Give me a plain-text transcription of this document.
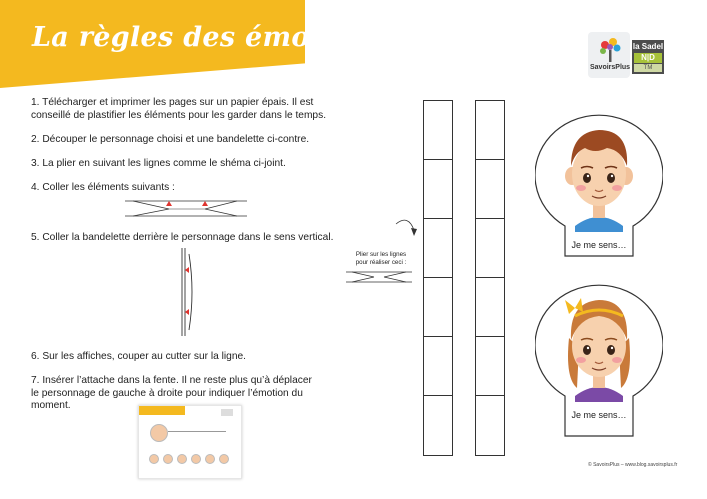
La règles des émotions
SavoirsPlus
la Sadel
N|D
TM
1. Télécharger et imprimer les pages sur un papier épais. Il est
conseillé de plastifier les éléments pour les garder dans le temps.
2. Découper le personnage choisi et une bandelette ci-contre.
3. La plier en suivant les lignes comme le shéma ci-joint.
4. Coller les éléments suivants :
5. Coller la bandelette derrière le personnage dans le sens vertical.
6. Sur les affiches, couper au cutter sur la ligne.
7. Insérer l’attache dans la fente. Il ne reste plus qu’à déplacer
le personnage de gauche à droite pour indiquer l’émotion du
moment.
Plier sur les lignes
pour réaliser ceci :
Je me sens…
Je me sens…
© SavoirsPlus – www.blog.savoirsplus.fr
